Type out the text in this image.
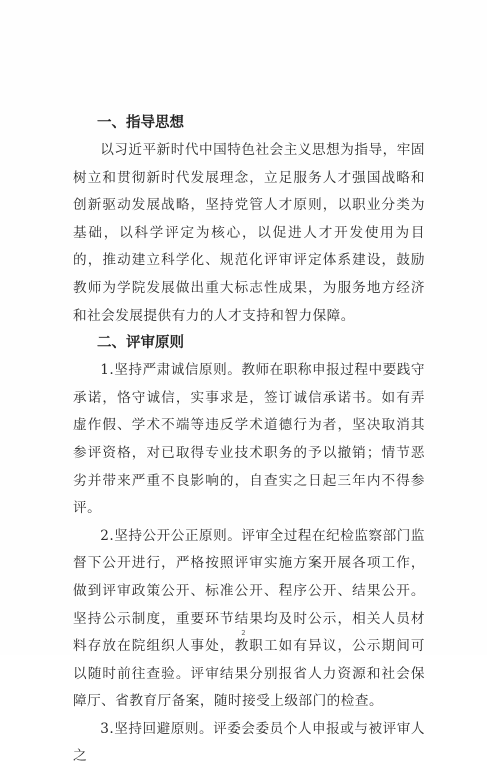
一、指导思想

以习近平新时代中国特色社会主义思想为指导，牢固树立和贯彻新时代发展理念，立足服务人才强国战略和创新驱动发展战略，坚持党管人才原则，以职业分类为基础，以科学评定为核心，以促进人才开发使用为目的，推动建立科学化、规范化评审评定体系建设，鼓励教师为学院发展做出重大标志性成果，为服务地方经济和社会发展提供有力的人才支持和智力保障。

二、评审原则

1.坚持严肃诚信原则。教师在职称申报过程中要践守承诺，恪守诚信，实事求是，签订诚信承诺书。如有弄虚作假、学术不端等违反学术道德行为者，坚决取消其参评资格，对已取得专业技术职务的予以撤销；情节恶劣并带来严重不良影响的，自查实之日起三年内不得参评。

2.坚持公开公正原则。评审全过程在纪检监察部门监督下公开进行，严格按照评审实施方案开展各项工作，做到评审政策公开、标准公开、程序公开、结果公开。坚持公示制度，重要环节结果均及时公示，相关人员材料存放在院组织人事处，教职工如有异议，公示期间可以随时前往查验。评审结果分别报省人力资源和社会保障厅、省教育厅备案，随时接受上级部门的检查。

3.坚持回避原则。评委会委员个人申报或与被评审人之

2
